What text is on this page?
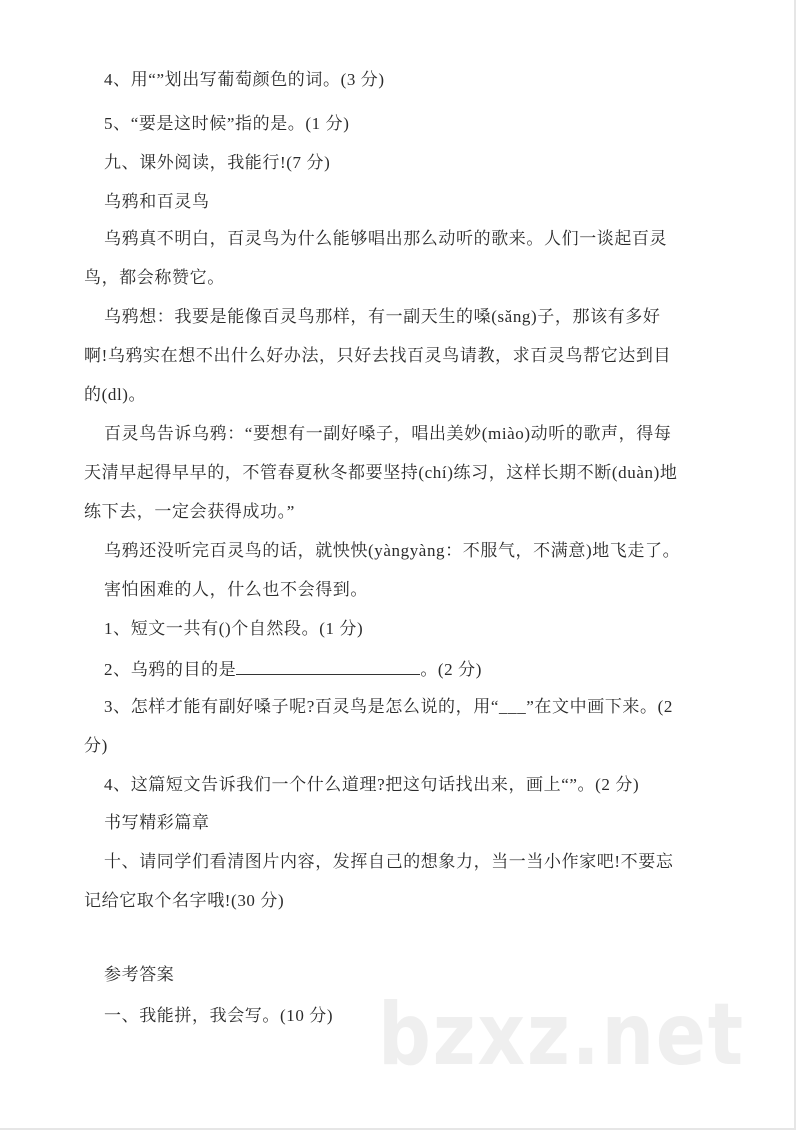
4、用“”划出写葡萄颜色的词。(3 分)
5、“要是这时候”指的是。(1 分)
九、课外阅读，我能行!(7 分)
乌鸦和百灵鸟
乌鸦真不明白，百灵鸟为什么能够唱出那么动听的歌来。人们一谈起百灵
鸟，都会称赞它。
乌鸦想：我要是能像百灵鸟那样，有一副天生的嗓(sǎng)子，那该有多好
啊!乌鸦实在想不出什么好办法，只好去找百灵鸟请教，求百灵鸟帮它达到目
的(dl)。
百灵鸟告诉乌鸦：“要想有一副好嗓子，唱出美妙(miào)动听的歌声，得每
天清早起得早早的，不管春夏秋冬都要坚持(chí)练习，这样长期不断(duàn)地
练下去，一定会获得成功。”
乌鸦还没听完百灵鸟的话，就怏怏(yàngyàng：不服气，不满意)地飞走了。
害怕困难的人，什么也不会得到。
1、短文一共有()个自然段。(1 分)
2、乌鸦的目的是	。(2 分)
3、怎样才能有副好嗓子呢?百灵鸟是怎么说的，用“___”在文中画下来。(2
分)
4、这篇短文告诉我们一个什么道理?把这句话找出来，画上“”。(2 分)
书写精彩篇章
十、请同学们看清图片内容，发挥自己的想象力，当一当小作家吧!不要忘
记给它取个名字哦!(30 分)
参考答案
一、我能拼，我会写。(10 分) bzxz.net
